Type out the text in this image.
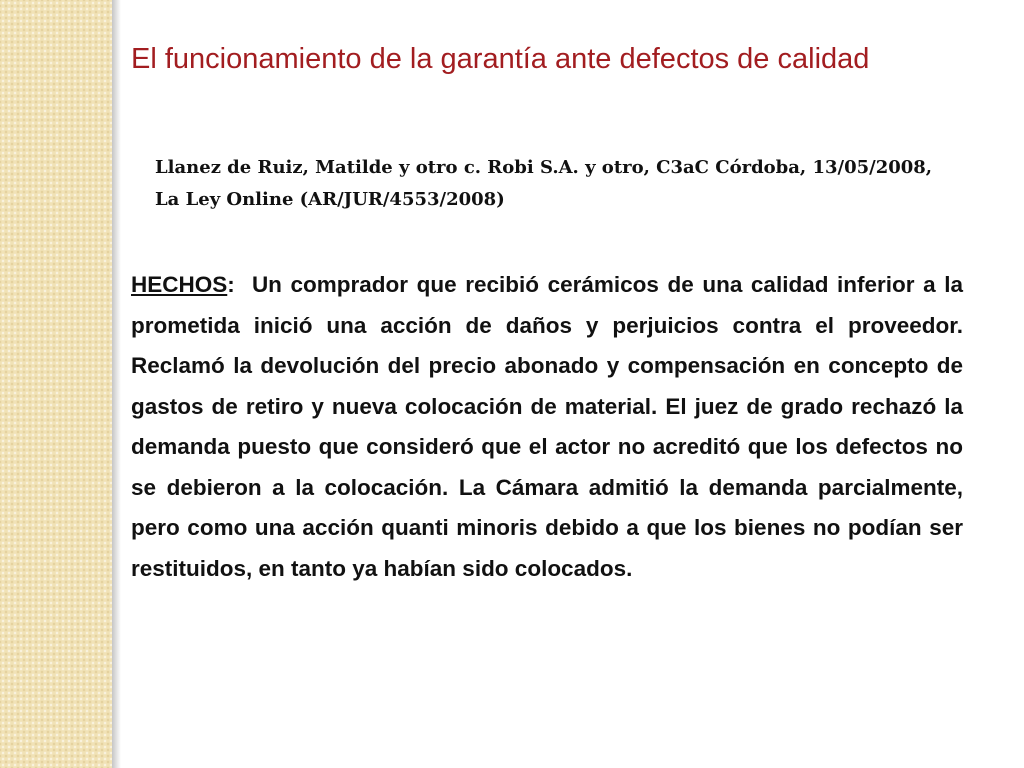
El funcionamiento de la garantía ante defectos de calidad

Llanez de Ruiz, Matilde y otro c. Robi S.A. y otro, C3aC Córdoba, 13/05/2008, La Ley Online (AR/JUR/4553/2008)

HECHOS:  Un comprador que recibió cerámicos de una calidad inferior a la prometida inició una acción de daños y perjuicios contra el proveedor. Reclamó la devolución del precio abonado y compensación en concepto de gastos de retiro y nueva colocación de material. El juez de grado rechazó la demanda puesto que consideró que el actor no acreditó que los defectos no se debieron a la colocación. La Cámara admitió la demanda parcialmente, pero como una acción quanti minoris debido a que los bienes no podían ser restituidos, en tanto ya habían sido colocados.
